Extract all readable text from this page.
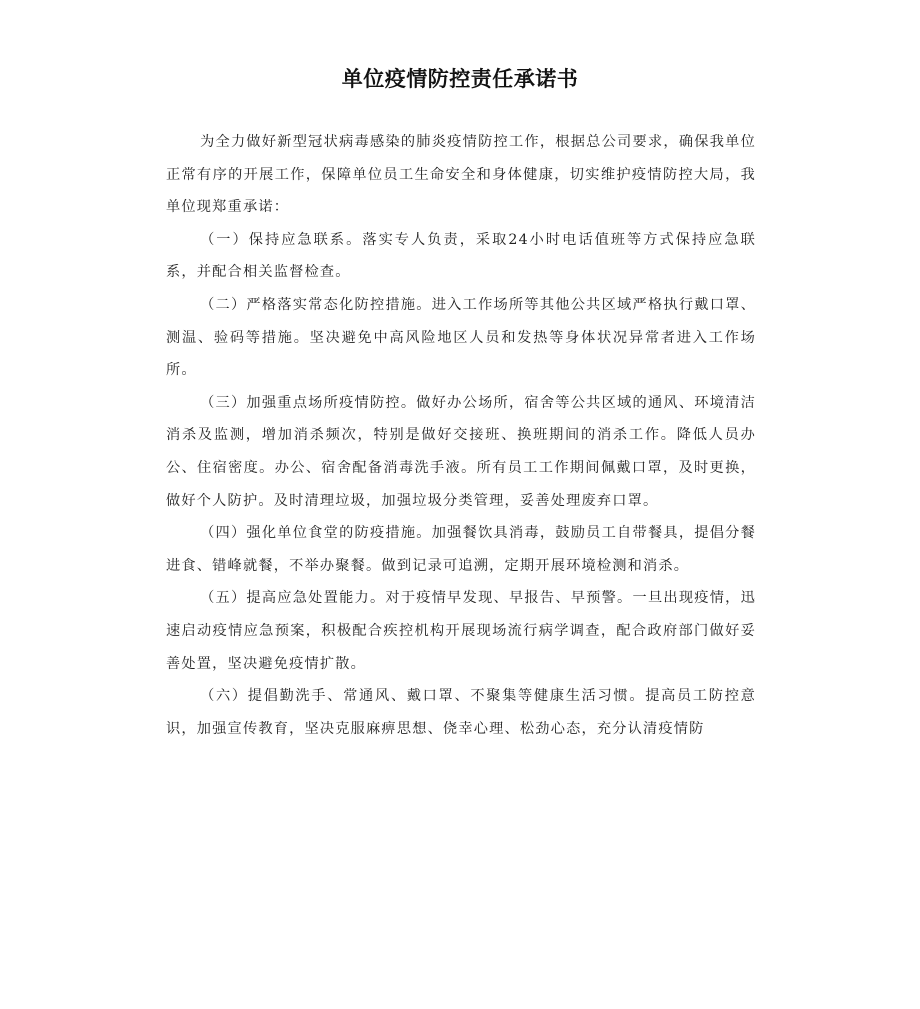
单位疫情防控责任承诺书

为全力做好新型冠状病毒感染的肺炎疫情防控工作，根据总公司要求，确保我单位正常有序的开展工作，保障单位员工生命安全和身体健康，切实维护疫情防控大局，我单位现郑重承诺：

（一）保持应急联系。落实专人负责，采取24小时电话值班等方式保持应急联系，并配合相关监督检查。

（二）严格落实常态化防控措施。进入工作场所等其他公共区域严格执行戴口罩、测温、验码等措施。坚决避免中高风险地区人员和发热等身体状况异常者进入工作场所。

（三）加强重点场所疫情防控。做好办公场所，宿舍等公共区域的通风、环境清洁消杀及监测，增加消杀频次，特别是做好交接班、换班期间的消杀工作。降低人员办公、住宿密度。办公、宿舍配备消毒洗手液。所有员工工作期间佩戴口罩，及时更换，做好个人防护。及时清理垃圾，加强垃圾分类管理，妥善处理废弃口罩。

（四）强化单位食堂的防疫措施。加强餐饮具消毒，鼓励员工自带餐具，提倡分餐进食、错峰就餐，不举办聚餐。做到记录可追溯，定期开展环境检测和消杀。

（五）提高应急处置能力。对于疫情早发现、早报告、早预警。一旦出现疫情，迅速启动疫情应急预案，积极配合疾控机构开展现场流行病学调查，配合政府部门做好妥善处置，坚决避免疫情扩散。

（六）提倡勤洗手、常通风、戴口罩、不聚集等健康生活习惯。提高员工防控意识，加强宣传教育，坚决克服麻痹思想、侥幸心理、松劲心态，充分认清疫情防
